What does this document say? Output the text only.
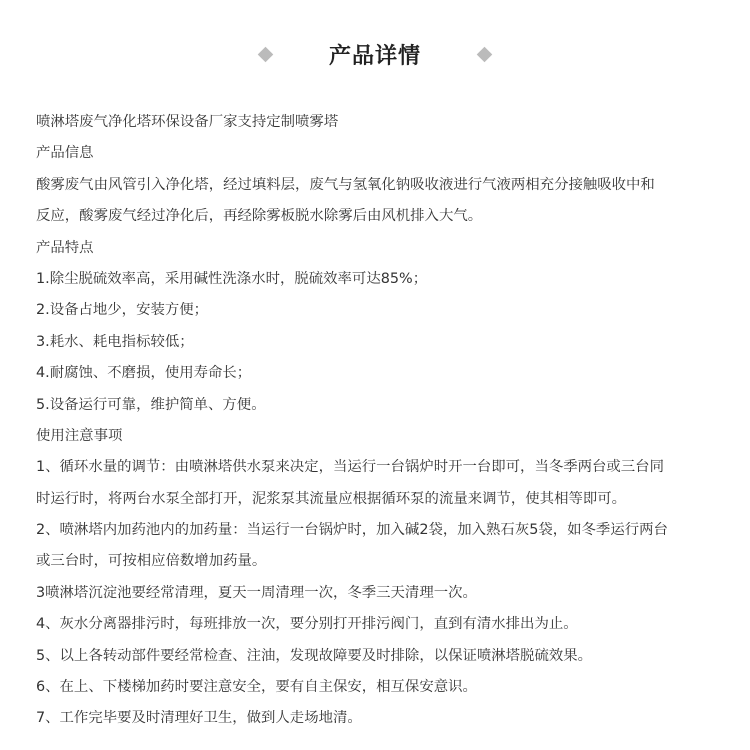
产品详情
喷淋塔废气净化塔环保设备厂家支持定制喷雾塔
产品信息
酸雾废气由风管引入净化塔，经过填料层，废气与氢氧化钠吸收液进行气液两相充分接触吸收中和
反应，酸雾废气经过净化后，再经除雾板脱水除雾后由风机排入大气。
产品特点
1.除尘脱硫效率高，采用碱性洗涤水时，脱硫效率可达85%；
2.设备占地少，安装方便；
3.耗水、耗电指标较低；
4.耐腐蚀、不磨损，使用寿命长；
5.设备运行可靠，维护简单、方便。
使用注意事项
1、循环水量的调节：由喷淋塔供水泵来决定，当运行一台锅炉时开一台即可，当冬季两台或三台同
时运行时，将两台水泵全部打开，泥浆泵其流量应根据循环泵的流量来调节，使其相等即可。
2、喷淋塔内加药池内的加药量：当运行一台锅炉时，加入碱2袋，加入熟石灰5袋，如冬季运行两台
或三台时，可按相应倍数增加药量。
3喷淋塔沉淀池要经常清理，夏天一周清理一次，冬季三天清理一次。
4、灰水分离器排污时，每班排放一次，要分别打开排污阀门，直到有清水排出为止。
5、以上各转动部件要经常检查、注油，发现故障要及时排除，以保证喷淋塔脱硫效果。
6、在上、下楼梯加药时要注意安全，要有自主保安，相互保安意识。
7、工作完毕要及时清理好卫生，做到人走场地清。
